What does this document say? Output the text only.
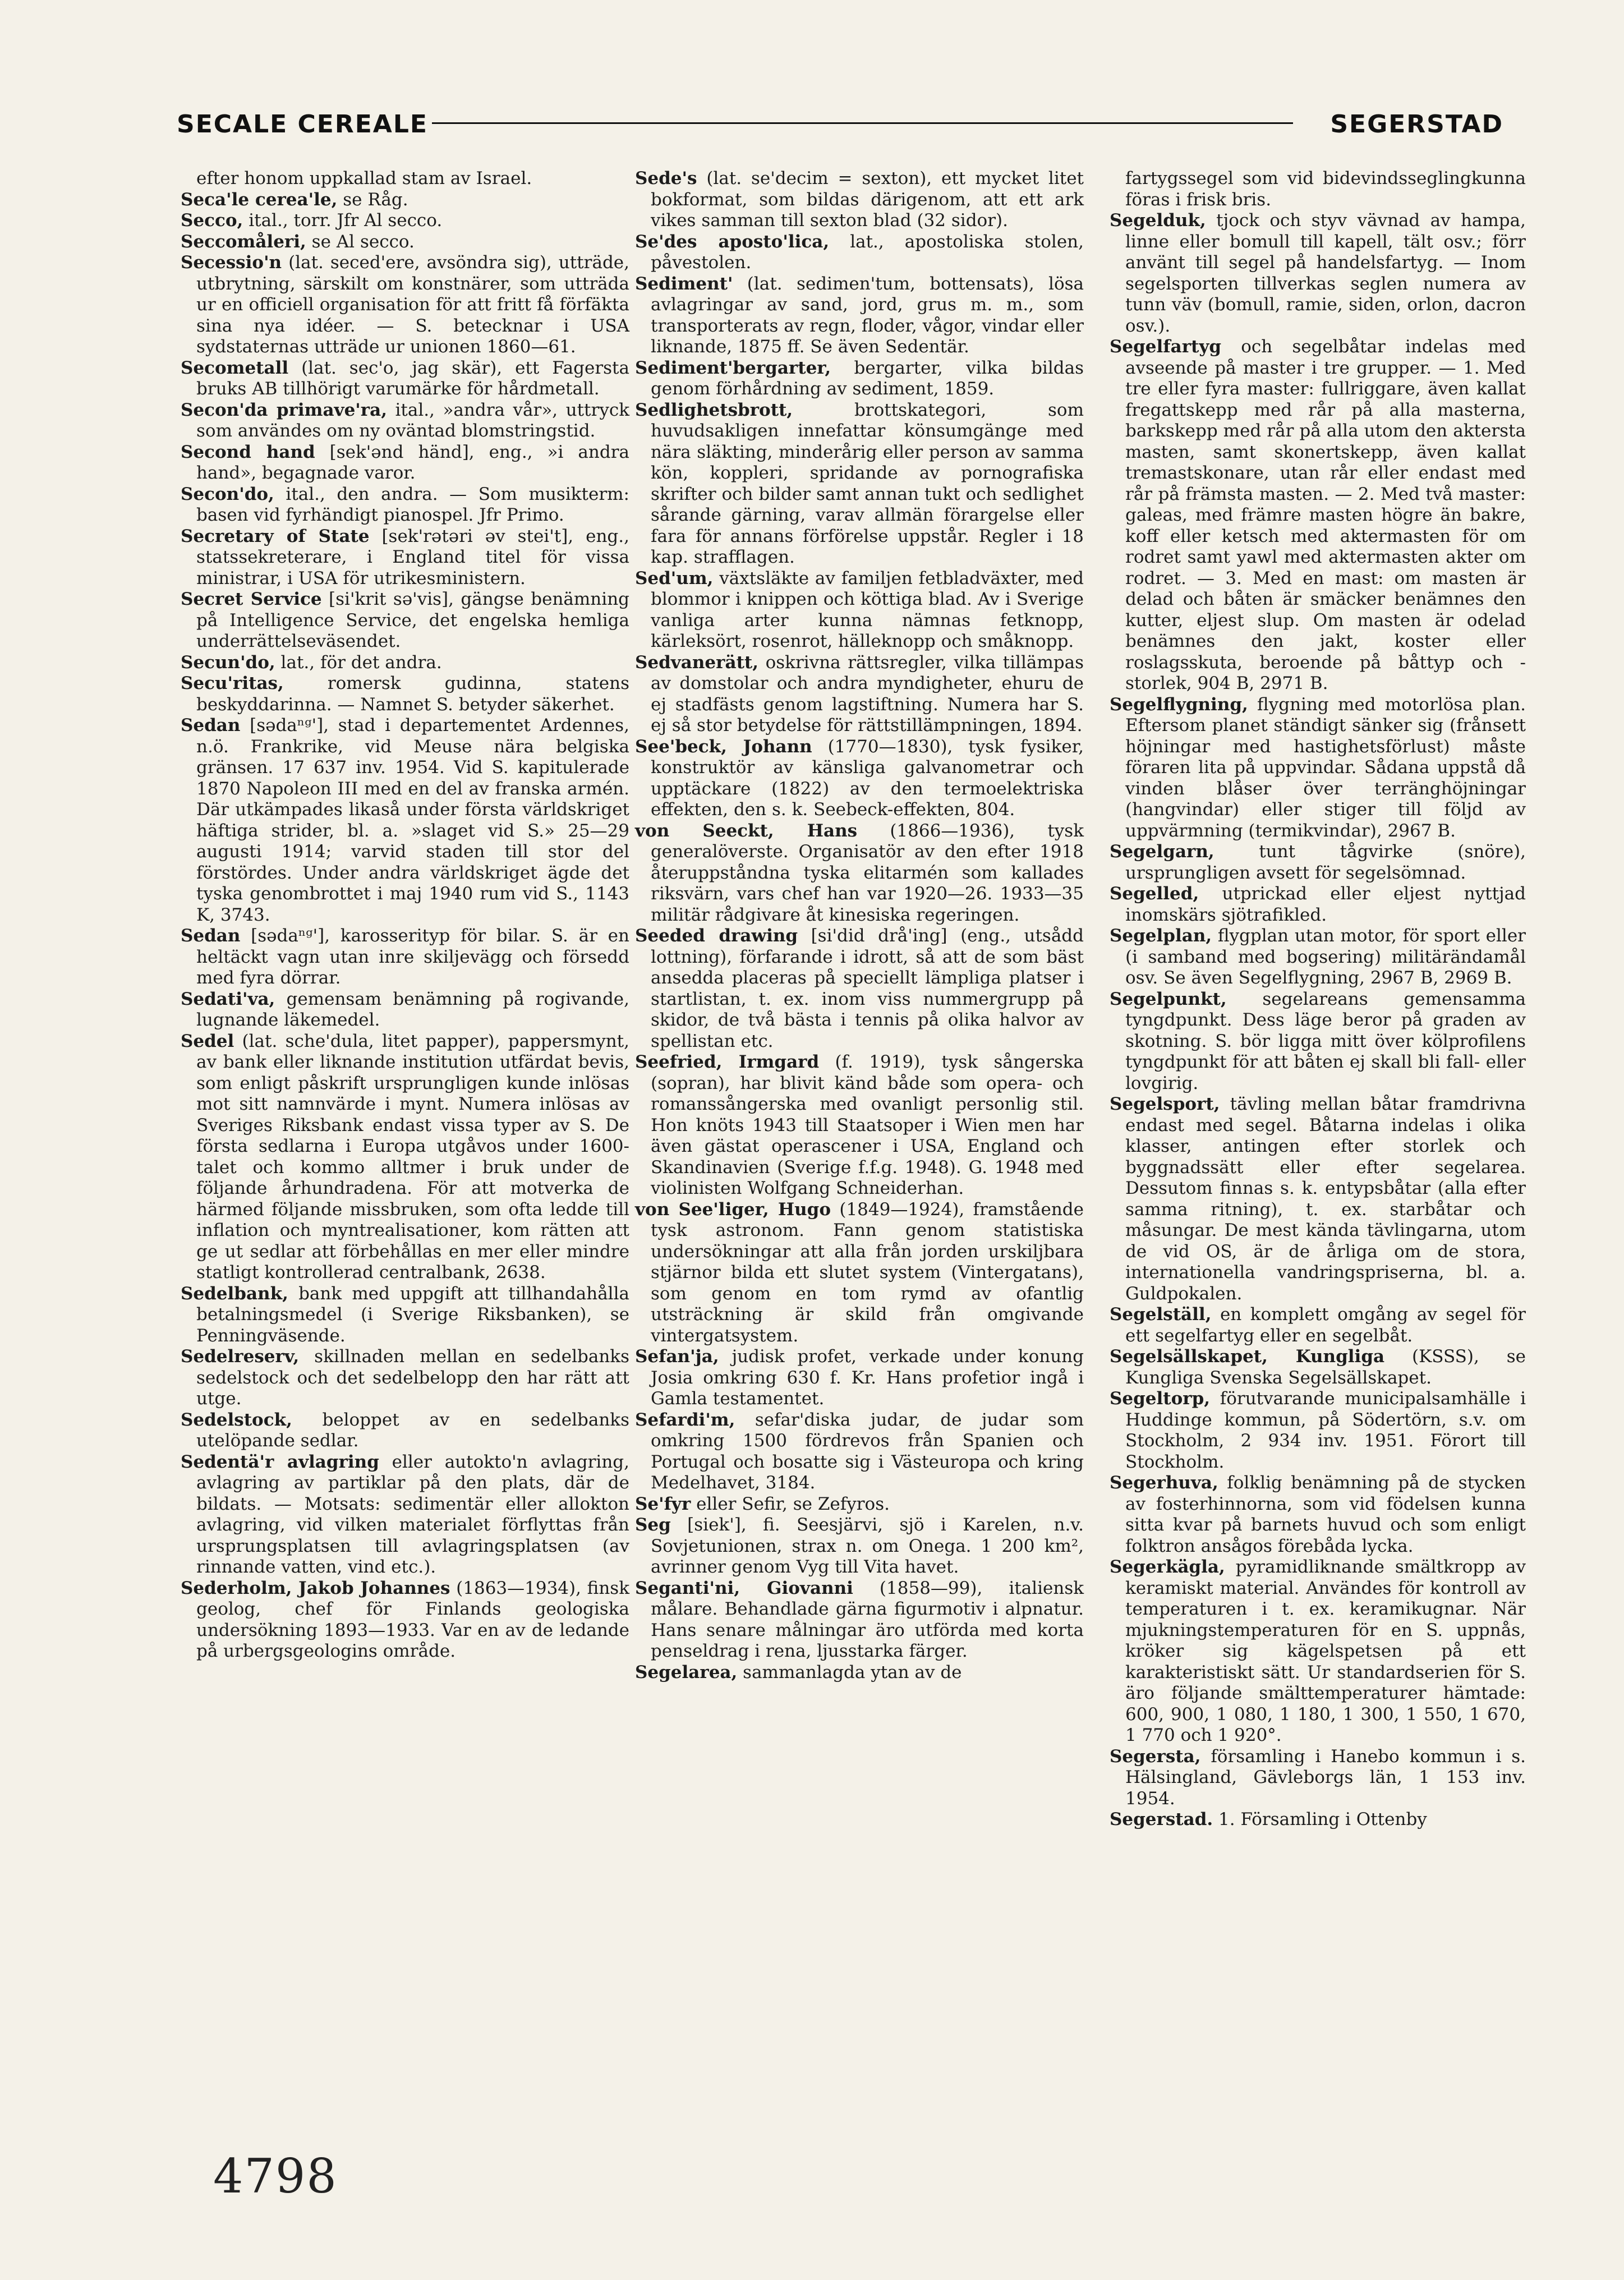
SECALE CEREALE	SEGERSTAD

efter honom uppkallad stam av Israel.

Seca'le cerea'le, se Råg.

Secco, ital., torr. Jfr Al secco.

Seccomåleri, se Al secco.

Secessio'n (lat. seced'ere, avsöndra sig), utträde, utbrytning, särskilt om konstnärer, som utträda ur en officiell organisation för att fritt få förfäkta sina nya idéer. — S. betecknar i USA sydstaternas utträde ur unionen 1860—61.

Secometall (lat. sec'o, jag skär), ett Fagersta bruks AB tillhörigt varumärke för hårdmetall.

Secon'da primave'ra, ital., »andra vår», uttryck som användes om ny oväntad blomstringstid.

Second hand [sek'ənd händ], eng., »i andra hand», begagnade varor.

Secon'do, ital., den andra. — Som musikterm: basen vid fyrhändigt pianospel. Jfr Primo.

Secretary of State [sek'rətəri əv stei't], eng., statssekreterare, i England titel för vissa ministrar, i USA för utrikesministern.

Secret Service [si'krit sə'vis], gängse benämning på Intelligence Service, det engelska hemliga underrättelseväsendet.

Secun'do, lat., för det andra.

Secu'ritas, romersk gudinna, statens beskyddarinna. — Namnet S. betyder säkerhet.

Sedan [sədaⁿᵍ'], stad i departementet Ardennes, n.ö. Frankrike, vid Meuse nära belgiska gränsen. 17 637 inv. 1954. Vid S. kapitulerade 1870 Napoleon III med en del av franska armén. Där utkämpades likaså under första världskriget häftiga strider, bl. a. »slaget vid S.» 25—29 augusti 1914; varvid staden till stor del förstördes. Under andra världskriget ägde det tyska genombrottet i maj 1940 rum vid S., 1143 K, 3743.

Sedan [sədaⁿᵍ'], karosserityp för bilar. S. är en heltäckt vagn utan inre skiljevägg och försedd med fyra dörrar.

Sedati'va, gemensam benämning på rogivande, lugnande läkemedel.

Sedel (lat. sche'dula, litet papper), pappersmynt, av bank eller liknande institution utfärdat bevis, som enligt påskrift ursprungligen kunde inlösas mot sitt namnvärde i mynt. Numera inlösas av Sveriges Riksbank endast vissa typer av S. De första sedlarna i Europa utgåvos under 1600-talet och kommo alltmer i bruk under de följande århundradena. För att motverka de härmed följande missbruken, som ofta ledde till inflation och myntrealisationer, kom rätten att ge ut sedlar att förbehållas en mer eller mindre statligt kontrollerad centralbank, 2638.

Sedelbank, bank med uppgift att tillhandahålla betalningsmedel (i Sverige Riksbanken), se Penningväsende.

Sedelreserv, skillnaden mellan en sedelbanks sedelstock och det sedelbelopp den har rätt att utge.

Sedelstock, beloppet av en sedelbanks utelöpande sedlar.

Sedentä'r avlagring eller autokto'n avlagring, avlagring av partiklar på den plats, där de bildats. — Motsats: sedimentär eller allokton avlagring, vid vilken materialet förflyttas från ursprungsplatsen till avlagringsplatsen (av rinnande vatten, vind etc.).

Sederholm, Jakob Johannes (1863—1934), finsk geolog, chef för Finlands geologiska undersökning 1893—1933. Var en av de ledande på urbergsgeologins område.

Sede's (lat. se'decim = sexton), ett mycket litet bokformat, som bildas därigenom, att ett ark vikes samman till sexton blad (32 sidor).

Se'des aposto'lica, lat., apostoliska stolen, påvestolen.

Sediment' (lat. sedimen'tum, bottensats), lösa avlagringar av sand, jord, grus m. m., som transporterats av regn, floder, vågor, vindar eller liknande, 1875 ff. Se även Sedentär.

Sediment'bergarter, bergarter, vilka bildas genom förhårdning av sediment, 1859.

Sedlighetsbrott, brottskategori, som huvudsakligen innefattar könsumgänge med nära släkting, minderårig eller person av samma kön, koppleri, spridande av pornografiska skrifter och bilder samt annan tukt och sedlighet sårande gärning, varav allmän förargelse eller fara för annans förförelse uppstår. Regler i 18 kap. strafflagen.

Sed'um, växtsläkte av familjen fetbladväxter, med blommor i knippen och köttiga blad. Av i Sverige vanliga arter kunna nämnas fetknopp, kärleksört, rosenrot, hälleknopp och småknopp.

Sedvanerätt, oskrivna rättsregler, vilka tillämpas av domstolar och andra myndigheter, ehuru de ej stadfästs genom lagstiftning. Numera har S. ej så stor betydelse för rättstillämpningen, 1894.

See'beck, Johann (1770—1830), tysk fysiker, konstruktör av känsliga galvanometrar och upptäckare (1822) av den termoelektriska effekten, den s. k. Seebeck-effekten, 804.

von Seeckt, Hans (1866—1936), tysk generalöverste. Organisatör av den efter 1918 återuppståndna tyska elitarmén som kallades riksvärn, vars chef han var 1920—26. 1933—35 militär rådgivare åt kinesiska regeringen.

Seeded drawing [si'did drå'ing] (eng., utsådd lottning), förfarande i idrott, så att de som bäst ansedda placeras på speciellt lämpliga platser i startlistan, t. ex. inom viss nummergrupp på skidor, de två bästa i tennis på olika halvor av spellistan etc.

Seefried, Irmgard (f. 1919), tysk sångerska (sopran), har blivit känd både som opera- och romanssångerska med ovanligt personlig stil. Hon knöts 1943 till Staatsoper i Wien men har även gästat operascener i USA, England och Skandinavien (Sverige f.f.g. 1948). G. 1948 med violinisten Wolfgang Schneiderhan.

von See'liger, Hugo (1849—1924), framstående tysk astronom. Fann genom statistiska undersökningar att alla från jorden urskiljbara stjärnor bilda ett slutet system (Vintergatans), som genom en tom rymd av ofantlig utsträckning är skild från omgivande vintergatsystem.

Sefan'ja, judisk profet, verkade under konung Josia omkring 630 f. Kr. Hans profetior ingå i Gamla testamentet.

Sefardi'm, sefar'diska judar, de judar som omkring 1500 fördrevos från Spanien och Portugal och bosatte sig i Västeuropa och kring Medelhavet, 3184.

Se'fyr eller Sefir, se Zefyros.

Seg [siek'], fi. Seesjärvi, sjö i Karelen, n.v. Sovjetunionen, strax n. om Onega. 1 200 km², avrinner genom Vyg till Vita havet.

Seganti'ni, Giovanni (1858—99), italiensk målare. Behandlade gärna figurmotiv i alpnatur. Hans senare målningar äro utförda med korta penseldrag i rena, ljusstarka färger.

Segelarea, sammanlagda ytan av de

fartygssegel som vid bidevindsseglingkunna föras i frisk bris.

Segelduk, tjock och styv vävnad av hampa, linne eller bomull till kapell, tält osv.; förr använt till segel på handelsfartyg. — Inom segelsporten tillverkas seglen numera av tunn väv (bomull, ramie, siden, orlon, dacron osv.).

Segelfartyg och segelbåtar indelas med avseende på master i tre grupper. — 1. Med tre eller fyra master: fullriggare, även kallat fregattskepp med rår på alla masterna, barkskepp med rår på alla utom den aktersta masten, samt skonertskepp, även kallat tremastskonare, utan rår eller endast med rår på främsta masten. — 2. Med två master: galeas, med främre masten högre än bakre, koff eller ketsch med aktermasten för om rodret samt yawl med aktermasten akter om rodret. — 3. Med en mast: om masten är delad och båten är smäcker benämnes den kutter, eljest slup. Om masten är odelad benämnes den jakt, koster eller roslagsskuta, beroende på båttyp och -storlek, 904 B, 2971 B.

Segelflygning, flygning med motorlösa plan. Eftersom planet ständigt sänker sig (frånsett höjningar med hastighetsförlust) måste föraren lita på uppvindar. Sådana uppstå då vinden blåser över terränghöjningar (hangvindar) eller stiger till följd av uppvärmning (termikvindar), 2967 B.

Segelgarn, tunt tågvirke (snöre), ursprungligen avsett för segelsömnad.

Segelled, utprickad eller eljest nyttjad inomskärs sjötrafikled.

Segelplan, flygplan utan motor, för sport eller (i samband med bogsering) militärändamål osv. Se även Segelflygning, 2967 B, 2969 B.

Segelpunkt, segelareans gemensamma tyngdpunkt. Dess läge beror på graden av skotning. S. bör ligga mitt över kölprofilens tyngdpunkt för att båten ej skall bli fall- eller lovgirig.

Segelsport, tävling mellan båtar framdrivna endast med segel. Båtarna indelas i olika klasser, antingen efter storlek och byggnadssätt eller efter segelarea. Dessutom finnas s. k. entypsbåtar (alla efter samma ritning), t. ex. starbåtar och måsungar. De mest kända tävlingarna, utom de vid OS, är de årliga om de stora, internationella vandringspriserna, bl. a. Guldpokalen.

Segelställ, en komplett omgång av segel för ett segelfartyg eller en segelbåt.

Segelsällskapet, Kungliga (KSSS), se Kungliga Svenska Segelsällskapet.

Segeltorp, förutvarande municipalsamhälle i Huddinge kommun, på Södertörn, s.v. om Stockholm, 2 934 inv. 1951. Förort till Stockholm.

Segerhuva, folklig benämning på de stycken av fosterhinnorna, som vid födelsen kunna sitta kvar på barnets huvud och som enligt folktron ansågos förebåda lycka.

Segerkägla, pyramidliknande smältkropp av keramiskt material. Användes för kontroll av temperaturen i t. ex. keramikugnar. När mjukningstemperaturen för en S. uppnås, kröker sig kägelspetsen på ett karakteristiskt sätt. Ur standardserien för S. äro följande smälttemperaturer hämtade: 600, 900, 1 080, 1 180, 1 300, 1 550, 1 670, 1 770 och 1 920°.

Segersta, församling i Hanebo kommun i s. Hälsingland, Gävleborgs län, 1 153 inv. 1954.

Segerstad. 1. Församling i Ottenby

4798
